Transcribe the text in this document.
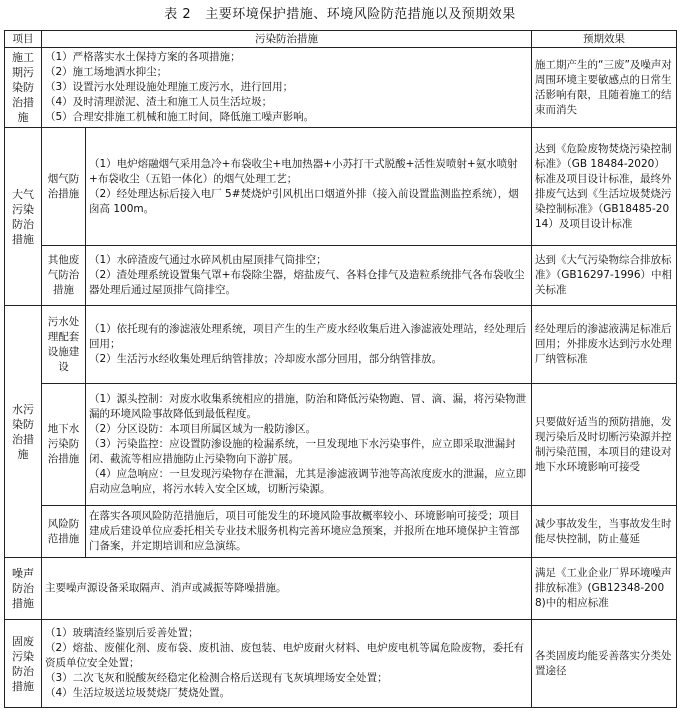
表 2 主要环境保护措施、环境风险防范措施以及预期效果
项目	污染防治措施		预期效果
施工期污染防治措施	（1）严格落实水土保持方案的各项措施；
（2）施工场地洒水抑尘；
（3）设置污水处理设施处理施工废污水，进行回用；
（4）及时清理淤泥、渣土和施工人员生活垃圾；
（5）合理安排施工机械和施工时间，降低施工噪声影响。		施工期产生的“三废”及噪声对周围环境主要敏感点的日常生活影响有限，且随着施工的结束而消失
大气污染防治措施	烟气防治措施	（1）电炉熔融烟气采用急冷+布袋收尘+电加热器+小苏打干式脱酸+活性炭喷射+氨水喷射+布袋收尘（五铅一体化）的烟气处理工艺；
（2）经处理达标后接入电厂 5#焚烧炉引风机出口烟道外排（接入前设置监测监控系统），烟囱高 100m。	达到《危险废物焚烧污染控制标准》（GB 18484-2020）标准及项目设计标准，最终外排废气达到《生活垃圾焚烧污染控制标准》（GB18485-2014）及项目设计标准
	其他废气防治措施	（1）水碎渣废气通过水碎风机由屋顶排气筒排空；
（2）渣处理系统设置集气罩+布袋除尘器，熔盐废气、各料仓排气及造粒系统排气各布袋收尘器处理后通过屋顶排气筒排空。	达到《大气污染物综合排放标准》（GB16297-1996）中相关标准
水污染防治措施	污水处理配套设施建设	（1）依托现有的渗滤液处理系统，项目产生的生产废水经收集后进入渗滤液处理站，经处理后回用；
（2）生活污水经收集处理后纳管排放；冷却废水部分回用，部分纳管排放。	经处理后的渗滤液满足标准后回用；外排废水达到污水处理厂纳管标准
	地下水污染防治措施	（1）源头控制：对废水收集系统相应的措施，防治和降低污染物跑、冒、滴、漏，将污染物泄漏的环境风险事故降低到最低程度。
（2）分区设防：本项目所属区域为一般防渗区。
（3）污染监控：应设置防渗设施的检漏系统，一旦发现地下水污染事件，应立即采取泄漏封闭、截流等相应措施防止污染物向下游扩展。
（4）应急响应：一旦发现污染物存在泄漏，尤其是渗滤液调节池等高浓度废水的泄漏，应立即启动应急响应，将污水转入安全区域，切断污染源。	只要做好适当的预防措施，发现污染后及时切断污染源并控制污染范围，本项目的建设对地下水环境影响可接受
	风险防范措施	在落实各项风险防范措施后，项目可能发生的环境风险事故概率较小、环境影响可接受；项目建成后建设单位应委托相关专业技术服务机构完善环境应急预案，并报所在地环境保护主管部门备案，并定期培训和应急演练。	减少事故发生，当事故发生时能尽快控制，防止蔓延
噪声防治措施	主要噪声源设备采取隔声、消声或减振等降噪措施。		满足《工业企业厂界环境噪声排放标准》(GB12348-2008)中的相应标准
固废污染防治措施	（1）玻璃渣经鉴别后妥善处置；
（2）熔盐、废催化剂、废布袋、废机油、废包装、电炉废耐火材料、电炉废电机等属危险废物，委托有资质单位安全处置；
（3）二次飞灰和脱酸灰经稳定化检测合格后送现有飞灰填埋场安全处置；
（4）生活垃圾送垃圾焚烧厂焚烧处置。		各类固废均能妥善落实分类处置途径
